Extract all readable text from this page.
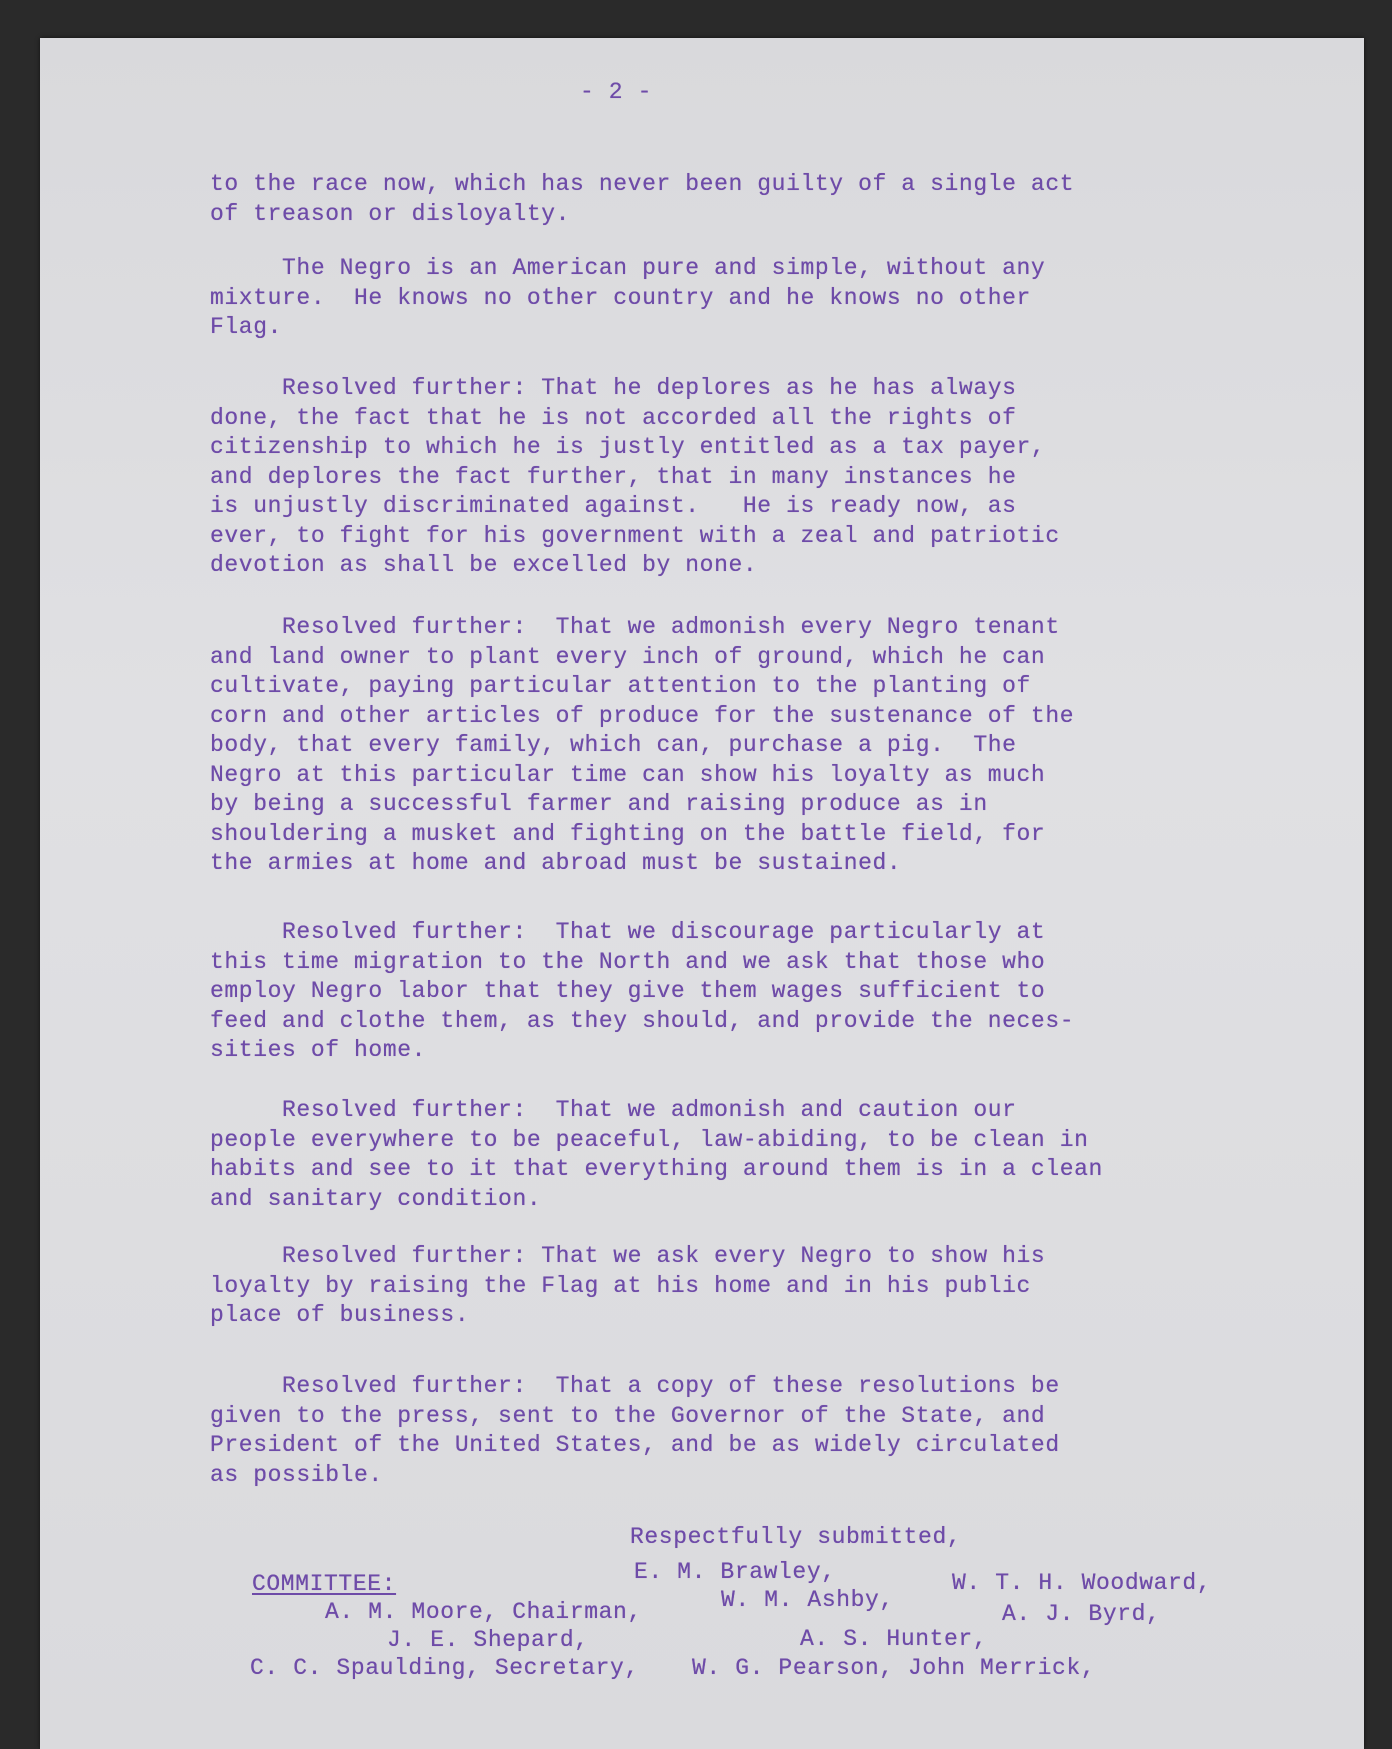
- 2 -
to the race now, which has never been guilty of a single act
of treason or disloyalty.
The Negro is an American pure and simple, without any
mixture.  He knows no other country and he knows no other
Flag.
Resolved further: That he deplores as he has always
done, the fact that he is not accorded all the rights of
citizenship to which he is justly entitled as a tax payer,
and deplores the fact further, that in many instances he
is unjustly discriminated against.   He is ready now, as
ever, to fight for his government with a zeal and patriotic
devotion as shall be excelled by none.
Resolved further:  That we admonish every Negro tenant
and land owner to plant every inch of ground, which he can
cultivate, paying particular attention to the planting of
corn and other articles of produce for the sustenance of the
body, that every family, which can, purchase a pig.  The
Negro at this particular time can show his loyalty as much
by being a successful farmer and raising produce as in
shouldering a musket and fighting on the battle field, for
the armies at home and abroad must be sustained.
Resolved further:  That we discourage particularly at
this time migration to the North and we ask that those who
employ Negro labor that they give them wages sufficient to
feed and clothe them, as they should, and provide the neces-
sities of home.
Resolved further:  That we admonish and caution our
people everywhere to be peaceful, law-abiding, to be clean in
habits and see to it that everything around them is in a clean
and sanitary condition.
Resolved further: That we ask every Negro to show his
loyalty by raising the Flag at his home and in his public
place of business.
Resolved further:  That a copy of these resolutions be
given to the press, sent to the Governor of the State, and
President of the United States, and be as widely circulated
as possible.
Respectfully submitted,
COMMITTEE:
A. M. Moore, Chairman,
J. E. Shepard,
C. C. Spaulding, Secretary,
E. M. Brawley,
W. M. Ashby,
A. S. Hunter,
W. G. Pearson, John Merrick,
W. T. H. Woodward,
A. J. Byrd,
